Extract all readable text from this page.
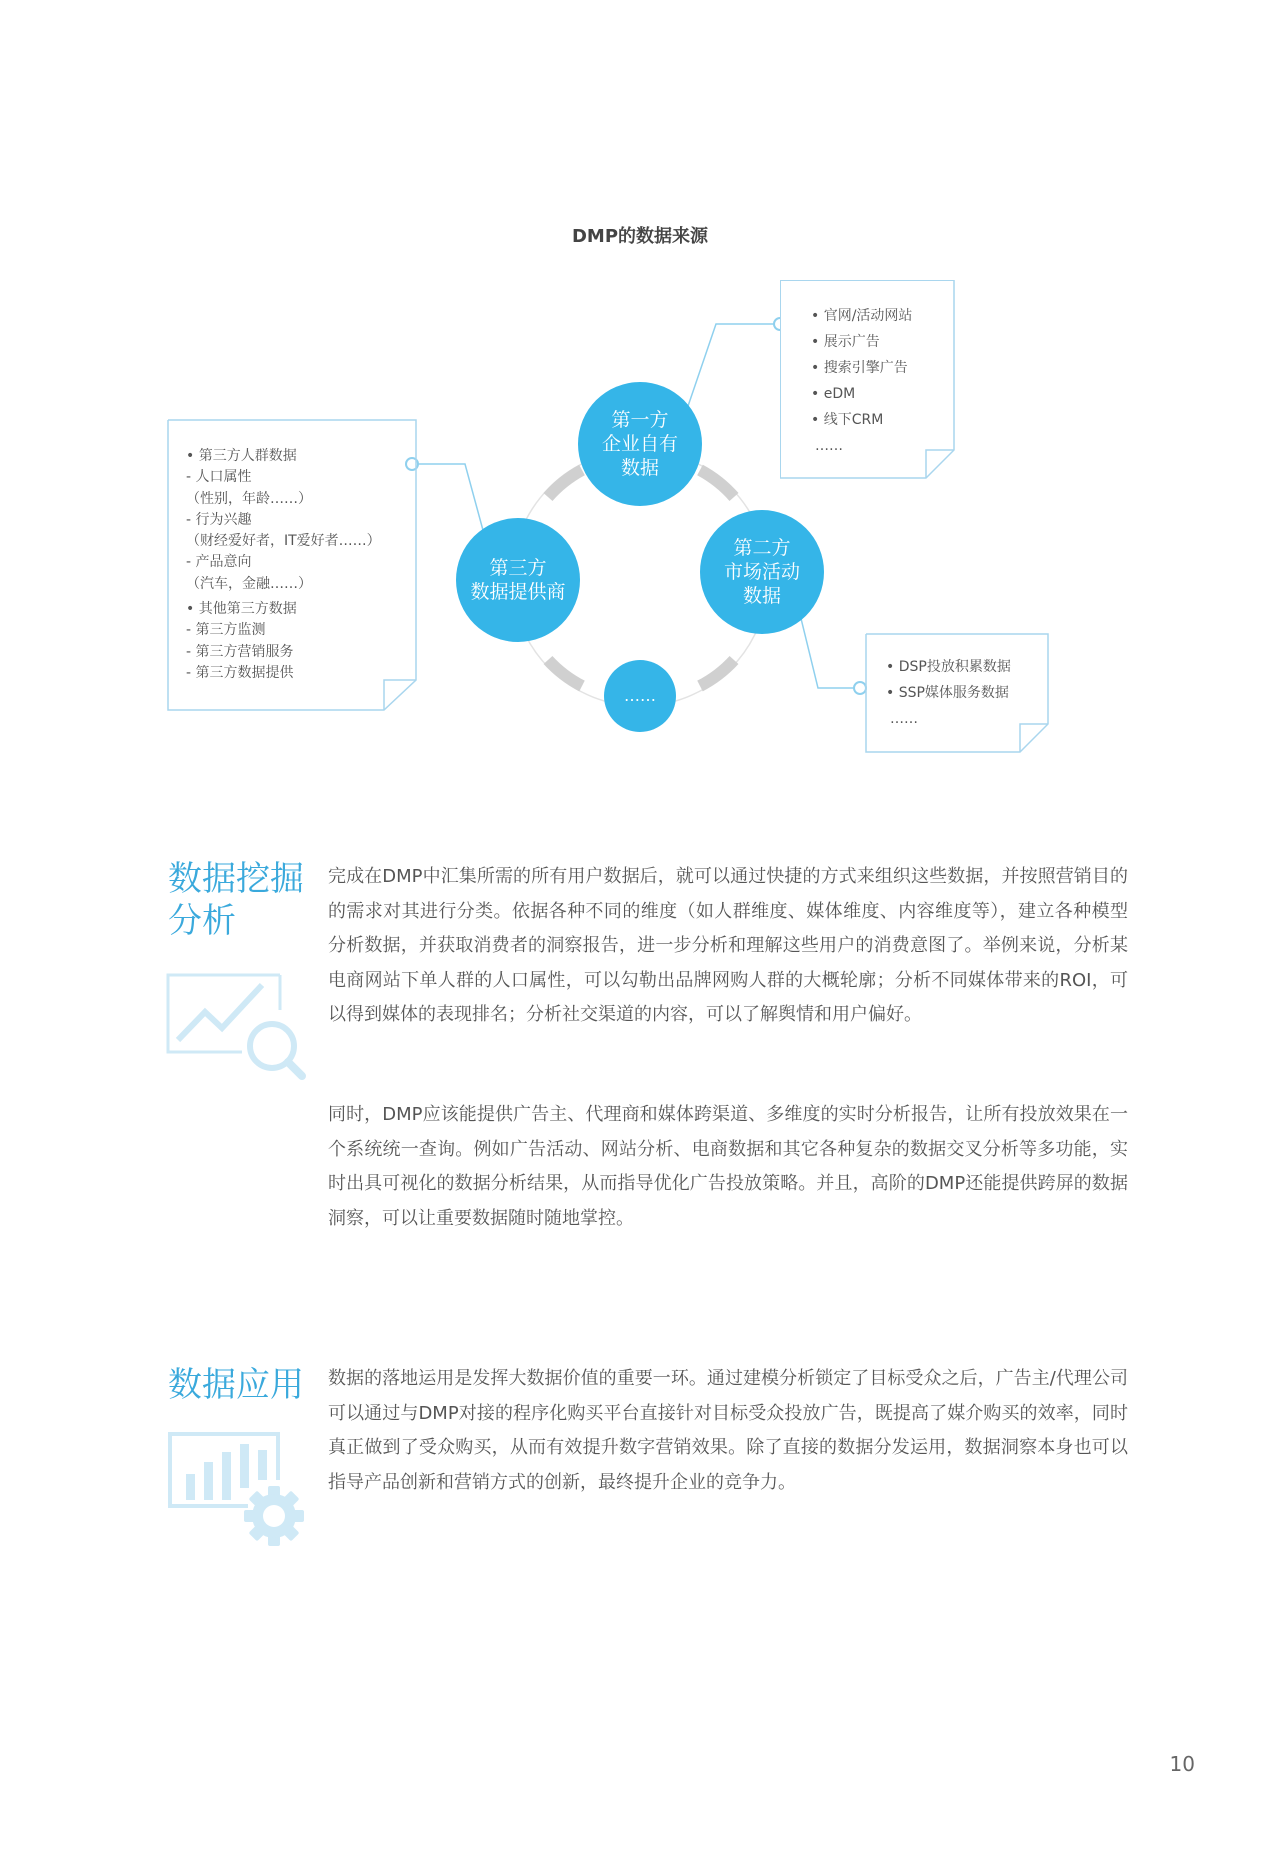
DMP的数据来源
第一方
企业自有
数据
第二方
市场活动
数据
第三方
数据提供商
……
• 官网/活动网站
• 展示广告
• 搜索引擎广告
• eDM
• 线下CRM
……
• 第三方人群数据
- 人口属性
（性别，年龄……）
- 行为兴趣
（财经爱好者，IT爱好者……）
- 产品意向
（汽车，金融……）
• 其他第三方数据
- 第三方监测
- 第三方营销服务
- 第三方数据提供	• DSP投放积累数据
• SSP媒体服务数据
……
数据挖掘
分析
完成在DMP中汇集所需的所有用户数据后，就可以通过快捷的方式来组织这些数据，并按照营销目的的需求对其进行分类。依据各种不同的维度（如人群维度、媒体维度、内容维度等），建立各种模型分析数据，并获取消费者的洞察报告，进一步分析和理解这些用户的消费意图了。举例来说，分析某电商网站下单人群的人口属性，可以勾勒出品牌网购人群的大概轮廓；分析不同媒体带来的ROI，可以得到媒体的表现排名；分析社交渠道的内容，可以了解舆情和用户偏好。
同时，DMP应该能提供广告主、代理商和媒体跨渠道、多维度的实时分析报告，让所有投放效果在一个系统统一查询。例如广告活动、网站分析、电商数据和其它各种复杂的数据交叉分析等多功能，实时出具可视化的数据分析结果，从而指导优化广告投放策略。并且，高阶的DMP还能提供跨屏的数据洞察，可以让重要数据随时随地掌控。
数据应用 数据的落地运用是发挥大数据价值的重要一环。通过建模分析锁定了目标受众之后，广告主/代理公司可以通过与DMP对接的程序化购买平台直接针对目标受众投放广告，既提高了媒介购买的效率，同时真正做到了受众购买，从而有效提升数字营销效果。除了直接的数据分发运用，数据洞察本身也可以指导产品创新和营销方式的创新，最终提升企业的竞争力。
10
